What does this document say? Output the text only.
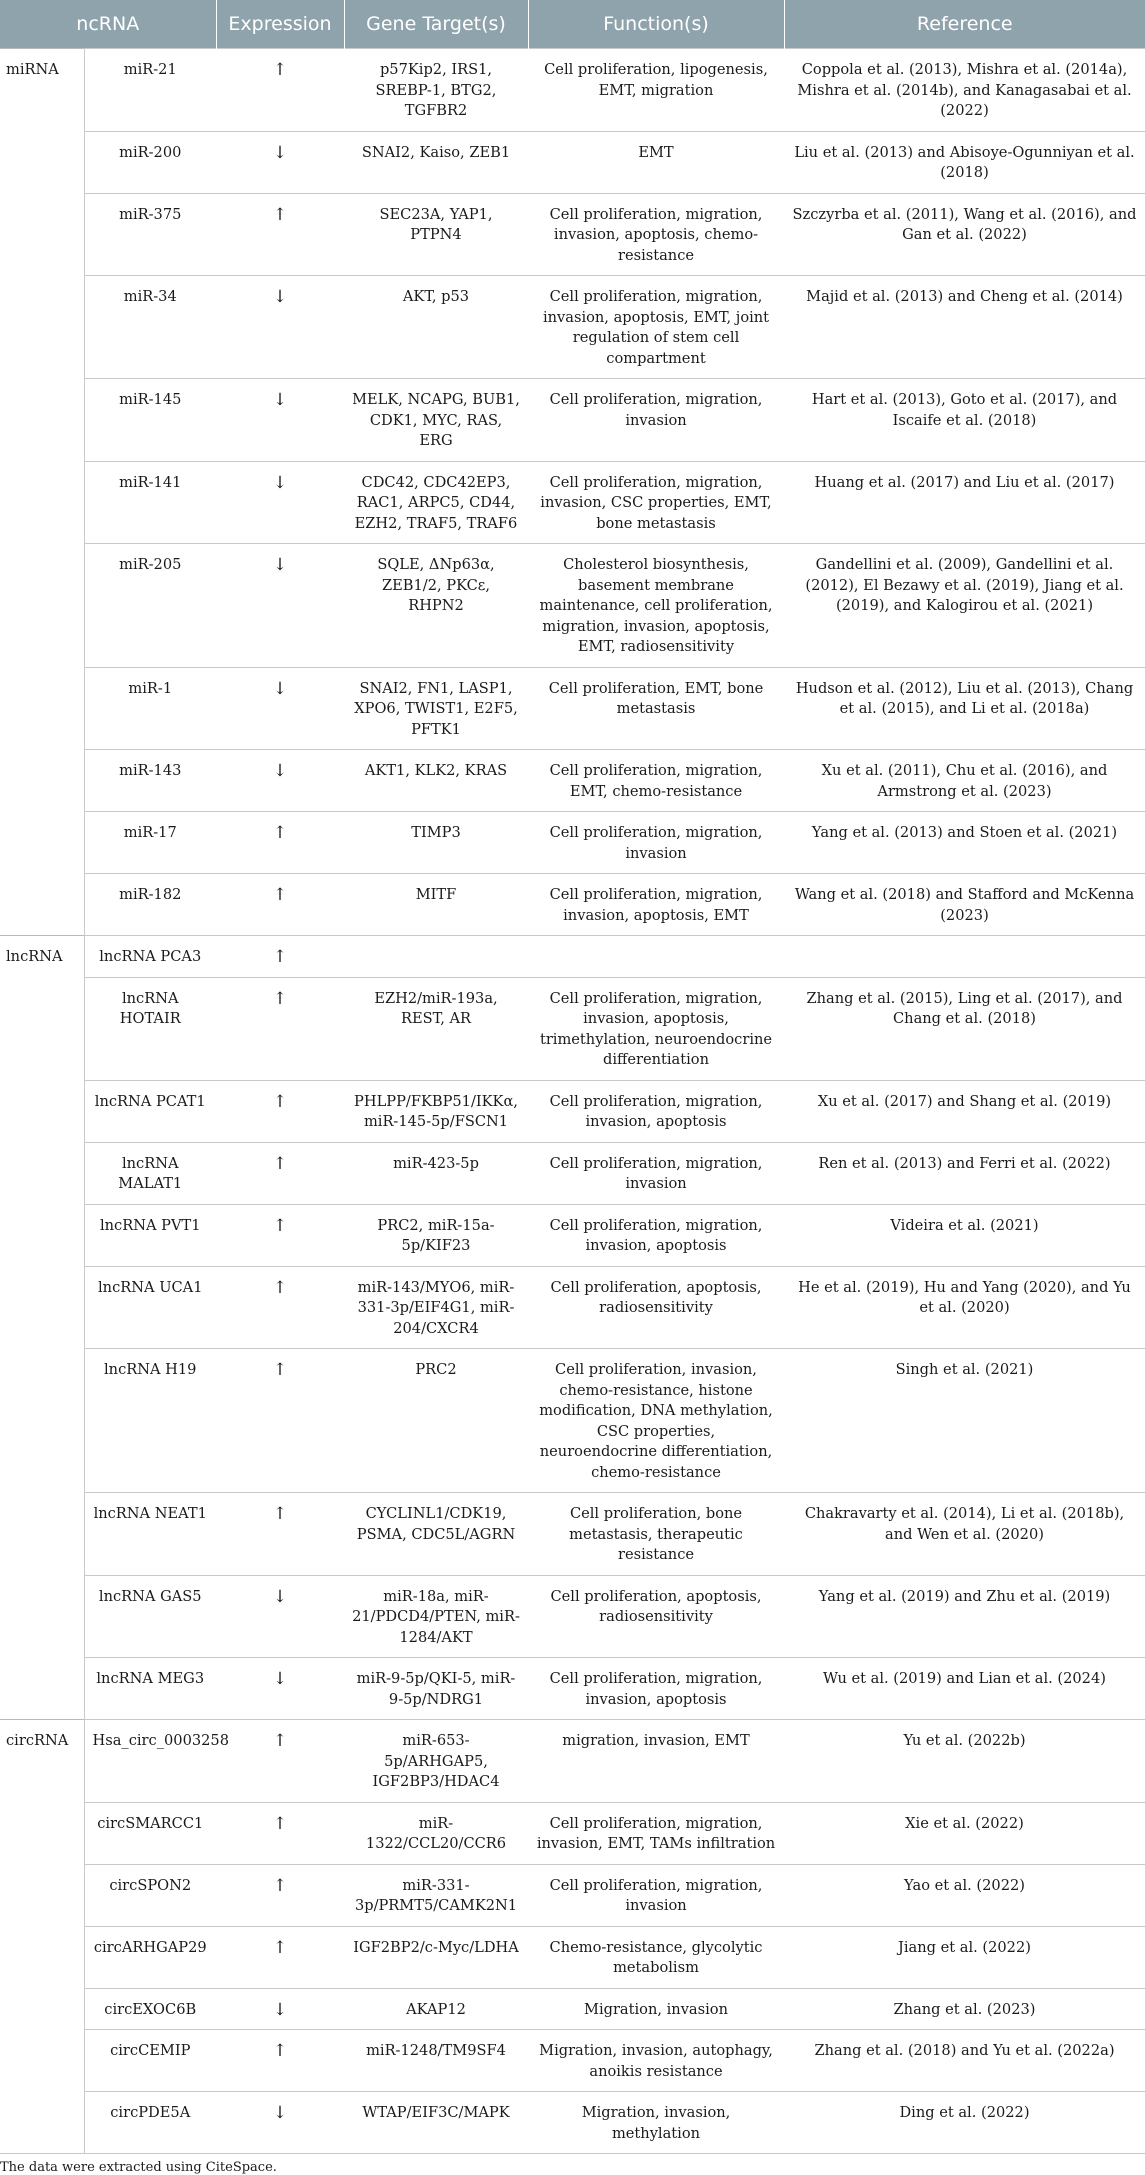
ncRNA		Expression	Gene Target(s)	Function(s)	Reference
miRNA	miR-21	↑	p57Kip2, IRS1, SREBP-1, BTG2, TGFBR2	Cell proliferation, lipogenesis, EMT, migration	Coppola et al. (2013), Mishra et al. (2014a), Mishra et al. (2014b), and Kanagasabai et al. (2022)
	miR-200	↓	SNAI2, Kaiso, ZEB1	EMT	Liu et al. (2013) and Abisoye-Ogunniyan et al. (2018)
	miR-375	↑	SEC23A, YAP1, PTPN4	Cell proliferation, migration, invasion, apoptosis, chemo-resistance	Szczyrba et al. (2011), Wang et al. (2016), and Gan et al. (2022)
	miR-34	↓	AKT, p53	Cell proliferation, migration, invasion, apoptosis, EMT, joint regulation of stem cell compartment	Majid et al. (2013) and Cheng et al. (2014)
	miR-145	↓	MELK, NCAPG, BUB1, CDK1, MYC, RAS, ERG	Cell proliferation, migration, invasion	Hart et al. (2013), Goto et al. (2017), and Iscaife et al. (2018)
	miR-141	↓	CDC42, CDC42EP3, RAC1, ARPC5, CD44, EZH2, TRAF5, TRAF6	Cell proliferation, migration, invasion, CSC properties, EMT, bone metastasis	Huang et al. (2017) and Liu et al. (2017)
	miR-205	↓	SQLE, ΔNp63α, ZEB1/2, PKCε, RHPN2	Cholesterol biosynthesis, basement membrane maintenance, cell proliferation, migration, invasion, apoptosis, EMT, radiosensitivity	Gandellini et al. (2009), Gandellini et al. (2012), El Bezawy et al. (2019), Jiang et al. (2019), and Kalogirou et al. (2021)
	miR-1	↓	SNAI2, FN1, LASP1, XPO6, TWIST1, E2F5, PFTK1	Cell proliferation, EMT, bone metastasis	Hudson et al. (2012), Liu et al. (2013), Chang et al. (2015), and Li et al. (2018a)
	miR-143	↓	AKT1, KLK2, KRAS	Cell proliferation, migration, EMT, chemo-resistance	Xu et al. (2011), Chu et al. (2016), and Armstrong et al. (2023)
	miR-17	↑	TIMP3	Cell proliferation, migration, invasion	Yang et al. (2013) and Stoen et al. (2021)
	miR-182	↑	MITF	Cell proliferation, migration, invasion, apoptosis, EMT	Wang et al. (2018) and Stafford and McKenna (2023)
lncRNA	lncRNA PCA3	↑			
	lncRNA HOTAIR	↑	EZH2/miR-193a, REST, AR	Cell proliferation, migration, invasion, apoptosis, trimethylation, neuroendocrine differentiation	Zhang et al. (2015), Ling et al. (2017), and Chang et al. (2018)
	lncRNA PCAT1	↑	PHLPP/FKBP51/IKKα, miR-145-5p/FSCN1	Cell proliferation, migration, invasion, apoptosis	Xu et al. (2017) and Shang et al. (2019)
	lncRNA MALAT1	↑	miR-423-5p	Cell proliferation, migration, invasion	Ren et al. (2013) and Ferri et al. (2022)
	lncRNA PVT1	↑	PRC2, miR-15a-5p/KIF23	Cell proliferation, migration, invasion, apoptosis	Videira et al. (2021)
	lncRNA UCA1	↑	miR-143/MYO6, miR-331-3p/EIF4G1, miR-204/CXCR4	Cell proliferation, apoptosis, radiosensitivity	He et al. (2019), Hu and Yang (2020), and Yu et al. (2020)
	lncRNA H19	↑	PRC2	Cell proliferation, invasion, chemo-resistance, histone modification, DNA methylation, CSC properties, neuroendocrine differentiation, chemo-resistance	Singh et al. (2021)
	lncRNA NEAT1	↑	CYCLINL1/CDK19, PSMA, CDC5L/AGRN	Cell proliferation, bone metastasis, therapeutic resistance	Chakravarty et al. (2014), Li et al. (2018b), and Wen et al. (2020)
	lncRNA GAS5	↓	miR-18a, miR-21/PDCD4/PTEN, miR-1284/AKT	Cell proliferation, apoptosis, radiosensitivity	Yang et al. (2019) and Zhu et al. (2019)
	lncRNA MEG3	↓	miR-9-5p/QKI-5, miR-9-5p/NDRG1	Cell proliferation, migration, invasion, apoptosis	Wu et al. (2019) and Lian et al. (2024)
circRNA	Hsa_circ_0003258	↑	miR-653-5p/ARHGAP5, IGF2BP3/HDAC4	migration, invasion, EMT	Yu et al. (2022b)
	circSMARCC1	↑	miR-1322/CCL20/CCR6	Cell proliferation, migration, invasion, EMT, TAMs infiltration	Xie et al. (2022)
	circSPON2	↑	miR-331-3p/PRMT5/CAMK2N1	Cell proliferation, migration, invasion	Yao et al. (2022)
	circARHGAP29	↑	IGF2BP2/c-Myc/LDHA	Chemo-resistance, glycolytic metabolism	Jiang et al. (2022)
	circEXOC6B	↓	AKAP12	Migration, invasion	Zhang et al. (2023)
	circCEMIP	↑	miR-1248/TM9SF4	Migration, invasion, autophagy, anoikis resistance	Zhang et al. (2018) and Yu et al. (2022a)
	circPDE5A	↓	WTAP/EIF3C/MAPK	Migration, invasion, methylation	Ding et al. (2022)
The data were extracted using CiteSpace.
